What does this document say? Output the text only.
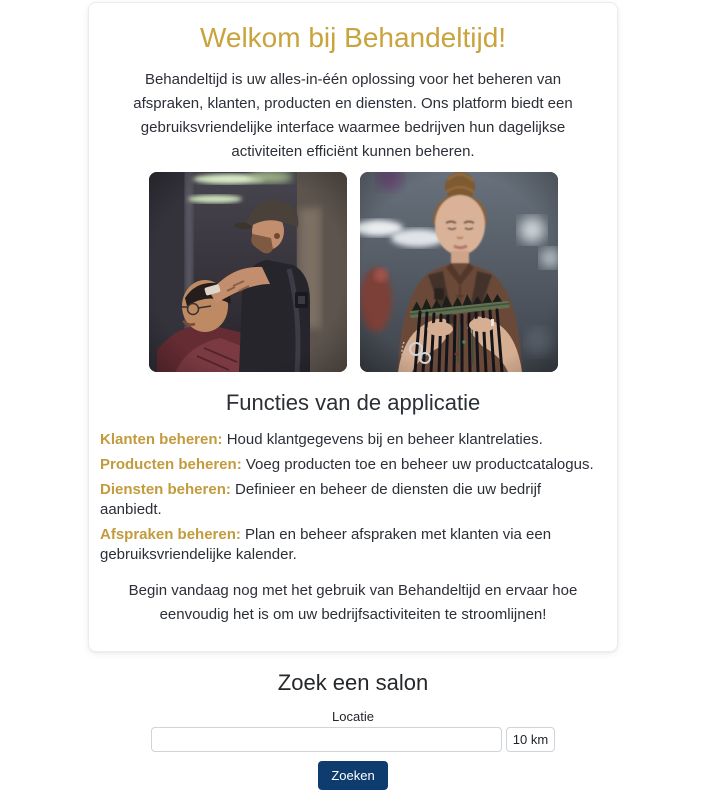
Welkom bij Behandeltijd!

Behandeltijd is uw alles-in-één oplossing voor het beheren van afspraken, klanten, producten en diensten. Ons platform biedt een gebruiksvriendelijke interface waarmee bedrijven hun dagelijkse activiteiten efficiënt kunnen beheren.

Functies van de applicatie

Klanten beheren: Houd klantgegevens bij en beheer klantrelaties.

Producten beheren: Voeg producten toe en beheer uw productcatalogus.

Diensten beheren: Definieer en beheer de diensten die uw bedrijf aanbiedt.

Afspraken beheren: Plan en beheer afspraken met klanten via een gebruiksvriendelijke kalender.

Begin vandaag nog met het gebruik van Behandeltijd en ervaar hoe eenvoudig het is om uw bedrijfsactiviteiten te stroomlijnen!

Zoek een salon
Locatie
10 km
Zoeken
